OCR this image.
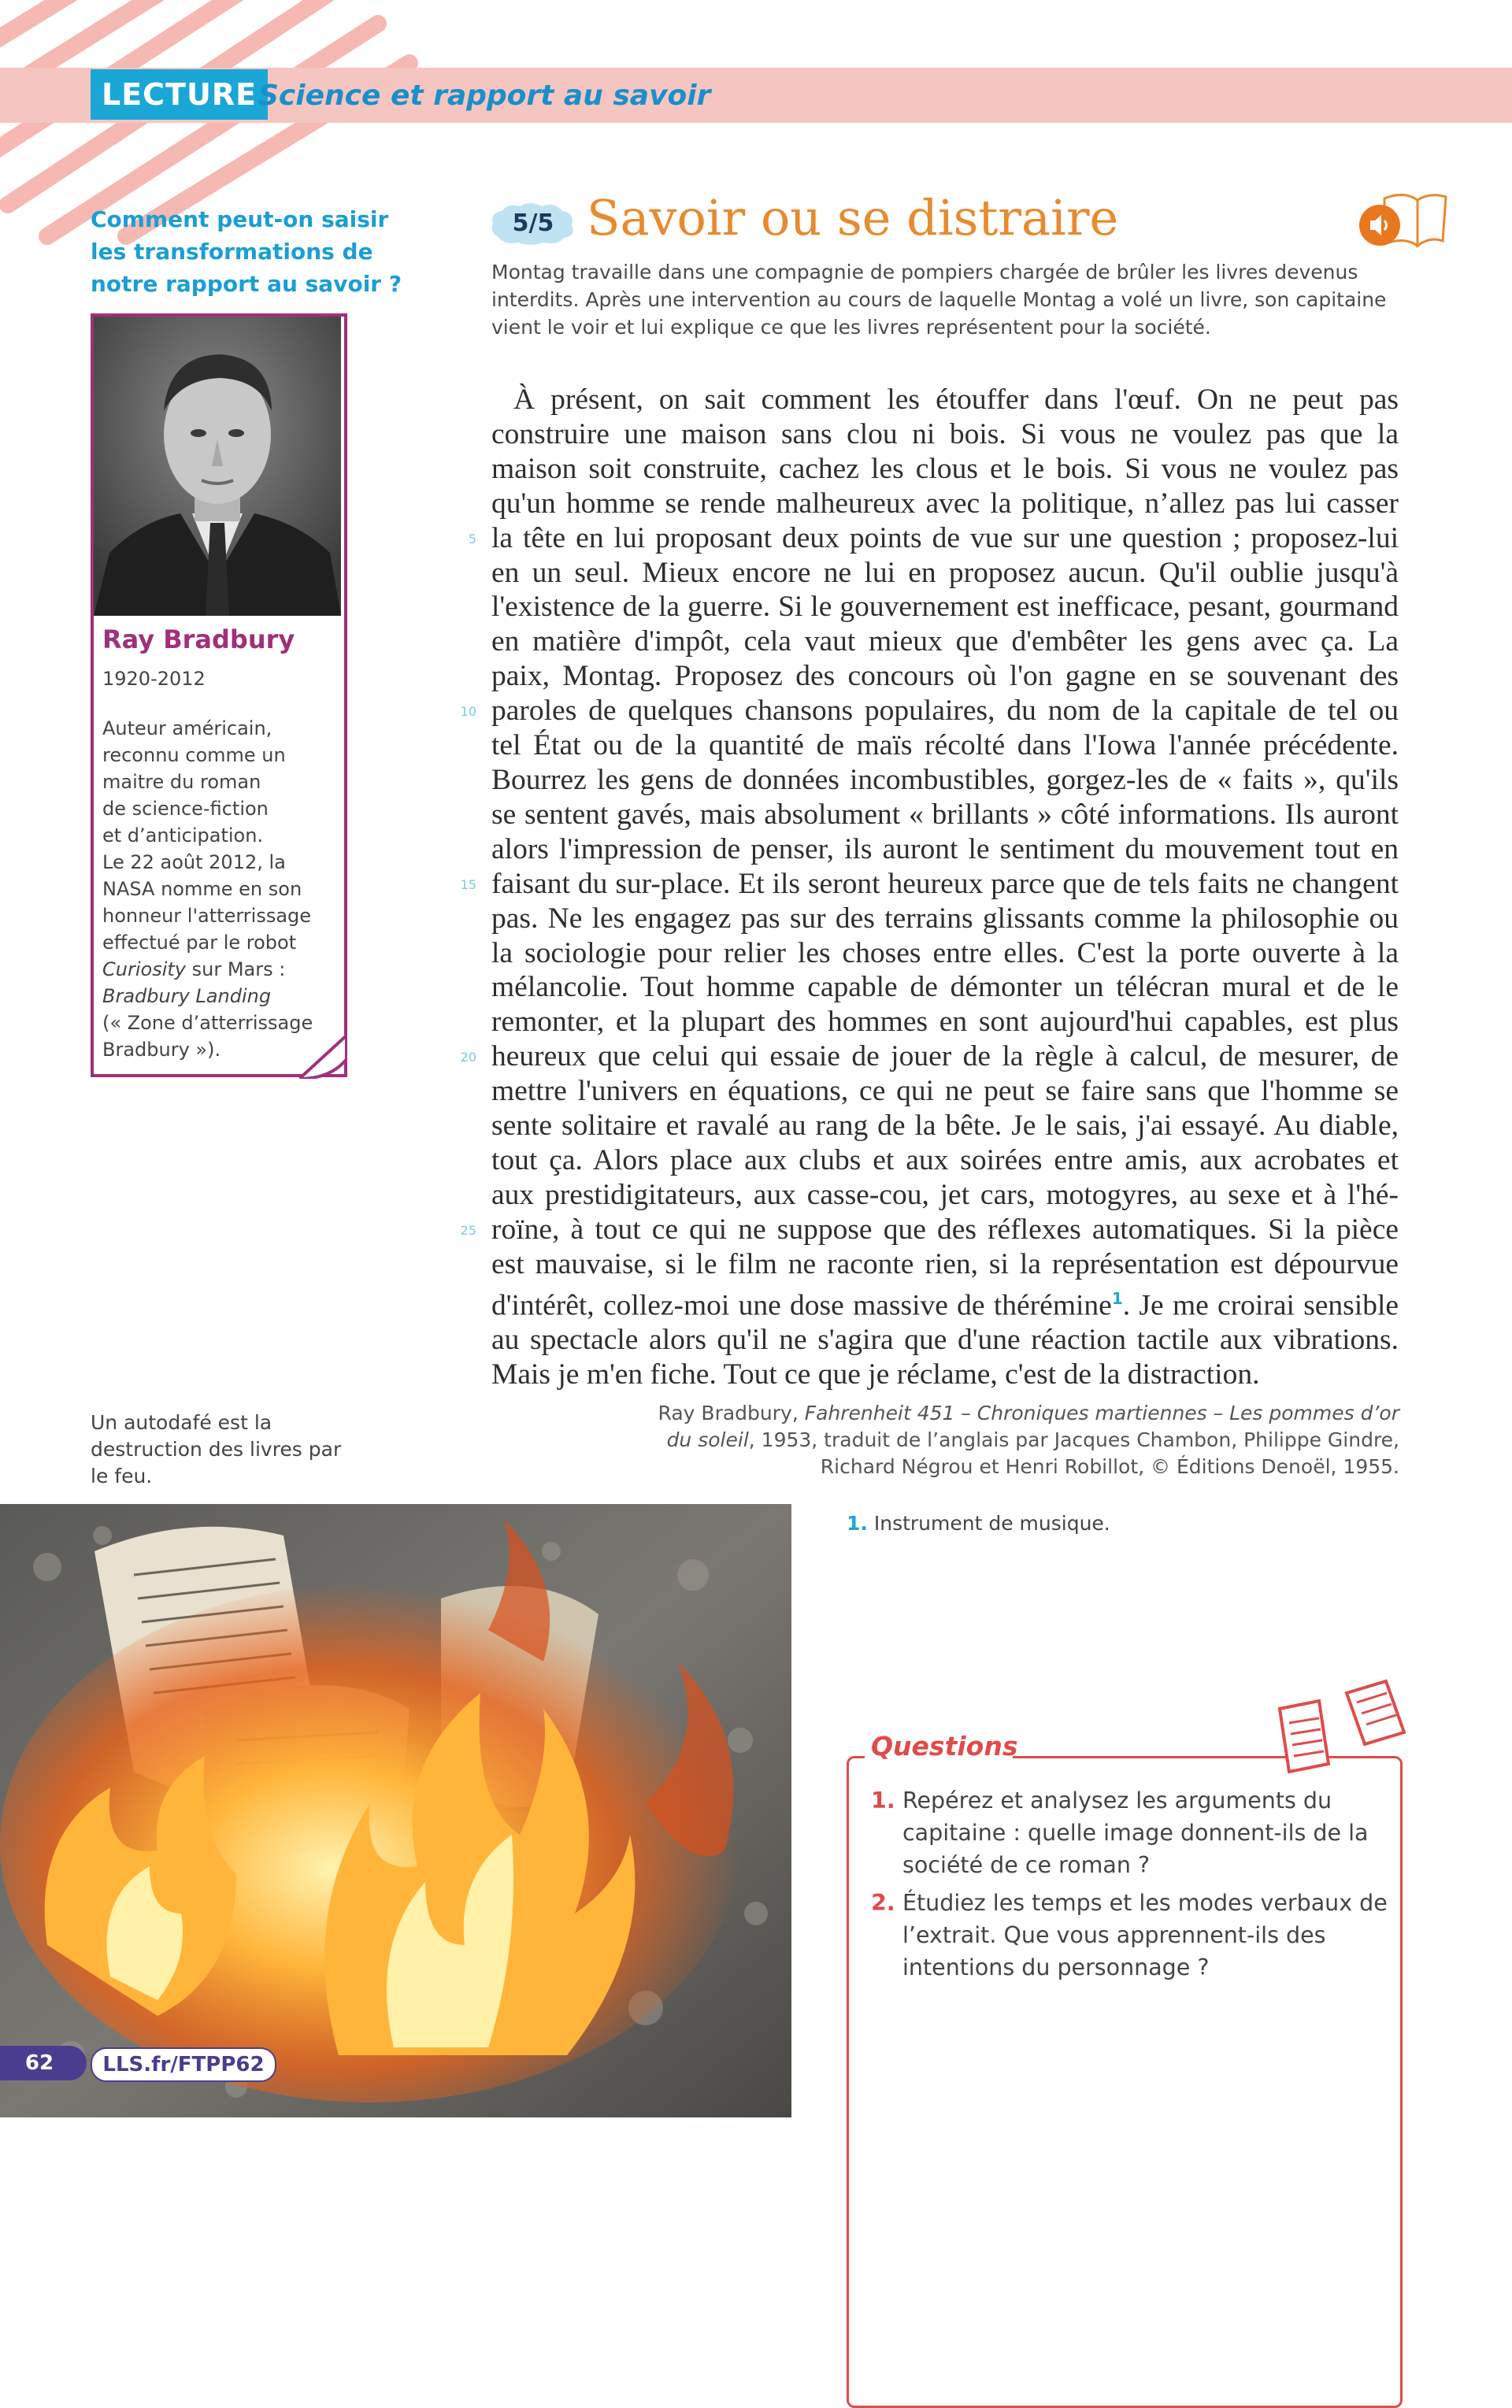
LECTURE Science et rapport au savoir
Comment peut-on saisir les transformations de notre rapport au savoir ?
Ray Bradbury
1920-2012
Auteur américain,
reconnu comme un
maitre du roman
de science-fiction
et d’anticipation.
Le 22 août 2012, la
NASA nomme en son
honneur l'atterrissage
effectué par le robot
Curiosity sur Mars :
Bradbury Landing
(« Zone d’atterrissage
Bradbury »).
Un autodafé est la destruction des livres par le feu.
5/5 Savoir ou se distraire
Montag travaille dans une compagnie de pompiers chargée de brûler les livres devenus interdits. Après une intervention au cours de laquelle Montag a volé un livre, son capitaine vient le voir et lui explique ce que les livres représentent pour la société.
À présent, on sait comment les étouffer dans l'œuf. On ne peut pas
construire une maison sans clou ni bois. Si vous ne voulez pas que la
maison soit construite, cachez les clous et le bois. Si vous ne voulez pas
qu'un homme se rende malheureux avec la politique, n’allez pas lui casser
la tête en lui proposant deux points de vue sur une question ; proposez-lui
en un seul. Mieux encore ne lui en proposez aucun. Qu'il oublie jusqu'à
l'existence de la guerre. Si le gouvernement est inefficace, pesant, gourmand
en matière d'impôt, cela vaut mieux que d'embêter les gens avec ça. La
paix, Montag. Proposez des concours où l'on gagne en se souvenant des
paroles de quelques chansons populaires, du nom de la capitale de tel ou
tel État ou de la quantité de maïs récolté dans l'Iowa l'année précédente.
Bourrez les gens de données incombustibles, gorgez-les de « faits », qu'ils
se sentent gavés, mais absolument « brillants » côté informations. Ils auront
alors l'impression de penser, ils auront le sentiment du mouvement tout en
faisant du sur-place. Et ils seront heureux parce que de tels faits ne changent
pas. Ne les engagez pas sur des terrains glissants comme la philosophie ou
la sociologie pour relier les choses entre elles. C'est la porte ouverte à la
mélancolie. Tout homme capable de démonter un télécran mural et de le
remonter, et la plupart des hommes en sont aujourd'hui capables, est plus
heureux que celui qui essaie de jouer de la règle à calcul, de mesurer, de
mettre l'univers en équations, ce qui ne peut se faire sans que l'homme se
sente solitaire et ravalé au rang de la bête. Je le sais, j'ai essayé. Au diable,
tout ça. Alors place aux clubs et aux soirées entre amis, aux acrobates et
aux prestidigitateurs, aux casse-cou, jet cars, motogyres, au sexe et à l'hé-
roïne, à tout ce qui ne suppose que des réflexes automatiques. Si la pièce
est mauvaise, si le film ne raconte rien, si la représentation est dépourvue
d'intérêt, collez-moi une dose massive de thérémine$^1$. Je me croirai sensible
au spectacle alors qu'il ne s'agira que d'une réaction tactile aux vibrations.
Mais je m'en fiche. Tout ce que je réclame, c'est de la distraction.
5
10
15
20
25
Ray Bradbury, Fahrenheit 451 – Chroniques martiennes – Les pommes d’or du soleil, 1953, traduit de l’anglais par Jacques Chambon, Philippe Gindre, Richard Négrou et Henri Robillot, © Éditions Denoël, 1955.
1. Instrument de musique.
Questions
1. Repérez et analysez les arguments du capitaine : quelle image donnent-ils de la société de ce roman ?
2. Étudiez les temps et les modes verbaux de l’extrait. Que vous apprennent-ils des intentions du personnage ?
62	LLS.fr/FTPP62
